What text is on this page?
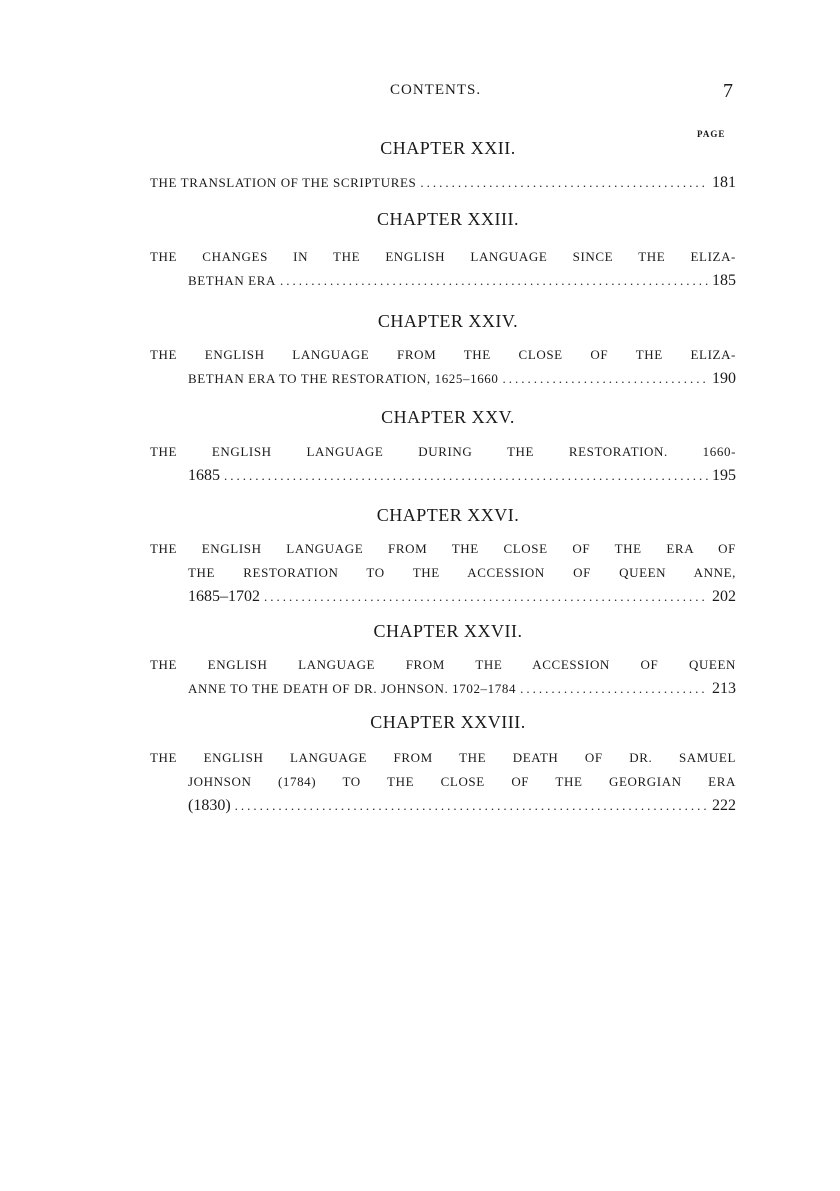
CONTENTS.	7
PAGE
CHAPTER XXII.
THE TRANSLATION OF THE SCRIPTURES .....	181
CHAPTER XXIII.
THE CHANGES IN THE ENGLISH LANGUAGE SINCE THE ELIZA-
BETHAN ERA .....	185
CHAPTER XXIV.
THE ENGLISH LANGUAGE FROM THE CLOSE OF THE ELIZA-
BETHAN ERA TO THE RESTORATION, 1625–1660 .....	190
CHAPTER XXV.
THE ENGLISH LANGUAGE DURING THE RESTORATION. 1660-
1685 .....	195
CHAPTER XXVI.
THE ENGLISH LANGUAGE FROM THE CLOSE OF THE ERA OF
THE RESTORATION TO THE ACCESSION OF QUEEN ANNE,
1685–1702 .....	202
CHAPTER XXVII.
THE ENGLISH LANGUAGE FROM THE ACCESSION OF QUEEN
ANNE TO THE DEATH OF DR. JOHNSON. 1702–1784 .....	213
CHAPTER XXVIII.
THE ENGLISH LANGUAGE FROM THE DEATH OF DR. SAMUEL
JOHNSON (1784) TO THE CLOSE OF THE GEORGIAN ERA
(1830) .....	222
